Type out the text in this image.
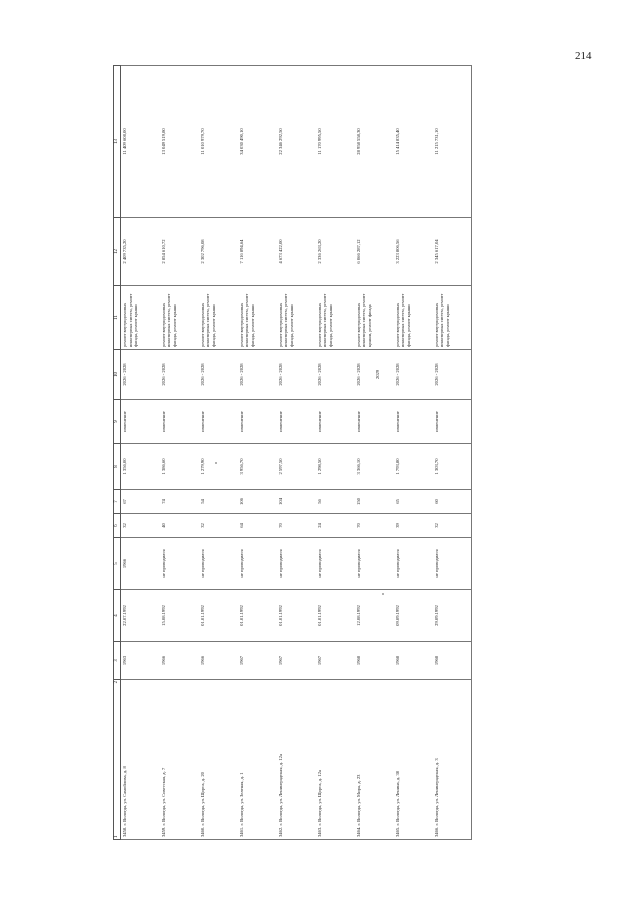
214
1
2	3	4	5	6	7	8	9	10	11	12	13	
3458. г. Вологда, ул. Самойлова, д. 8	1963	22.07.1992	1966	32	67	1 356,00	изменение	2026 - 2028	ремонт внутридомовых инженерных систем, ремонт фасада, ремонт крыши	2 409 735,20	11 409 608,00	
3459. г. Вологда, ул. Советская, д. 7	1966	15.08.1992	не проводился	40	74	1 386,60	изменение	2026 - 2028	ремонт внутридомовых инженерных систем, ремонт фасада, ремонт крыши	2 854 610,72	13 049 519,80	
3460. г. Вологда, ул. Щорса, д. 20	1966	01.01.1992	не проводился	32	54	1 279,90	изменение	2026 - 2028	ремонт внутридомовых инженерных систем, ремонт фасада, ремонт крыши	2 302 796,08	11 010 979,70	
3461. г. Вологда, ул. Зеленая, д. 1	1967	01.01.1992	не проводился	64	106	3 956,70	изменение	2026 - 2028	ремонт внутридомовых инженерных систем, ремонт фасада, ремонт крыши	7 116 894,64	34 030 490,10	
3462. г. Вологда, ул. Ленинградская, д. 12а	1967	01.01.1992	не проводился	70	104	2 597,50	изменение	2026 - 2028	ремонт внутридомовых инженерных систем, ремонт фасада, ремонт крыши	4 673 422,00	22 346 292,50	
3463. г. Вологда, ул. Щорса, д. 12а	1967	01.01.1992	не проводился	24	56	1 298,50	изменение	2026 - 2028	ремонт внутридомовых инженерных систем, ремонт фасада, ремонт крыши	2 336 263,20	11 170 995,50	
3464. г. Вологда, ул. Мира, д. 23	1968	12.08.1992	не проводился	70	150	3 366,10	изменение	2026 - 2028 2029	ремонт внутридомовых инженерных систем, ремонт крыши, ремонт фасада	6 066 287,12	28 958 558,30	
3465. г. Вологда, ул. Ленина, д. 30	1968	09.09.1992	не проводился	39	65	1 793,80	изменение	2026 - 2028	ремонт внутридомовых инженерных систем, ремонт фасада, ремонт крыши	3 223 806,56	15 414 835,40	
3466. г. Вологда, ул. Ленинградская, д. 3	1968	29.09.1992	не проводился	32	60	1 303,70	изменение	2026 - 2028	ремонт внутридомовых инженерных систем, ремонт фасада, ремонт крыши	2 345 617,04	11 215 731,10	
